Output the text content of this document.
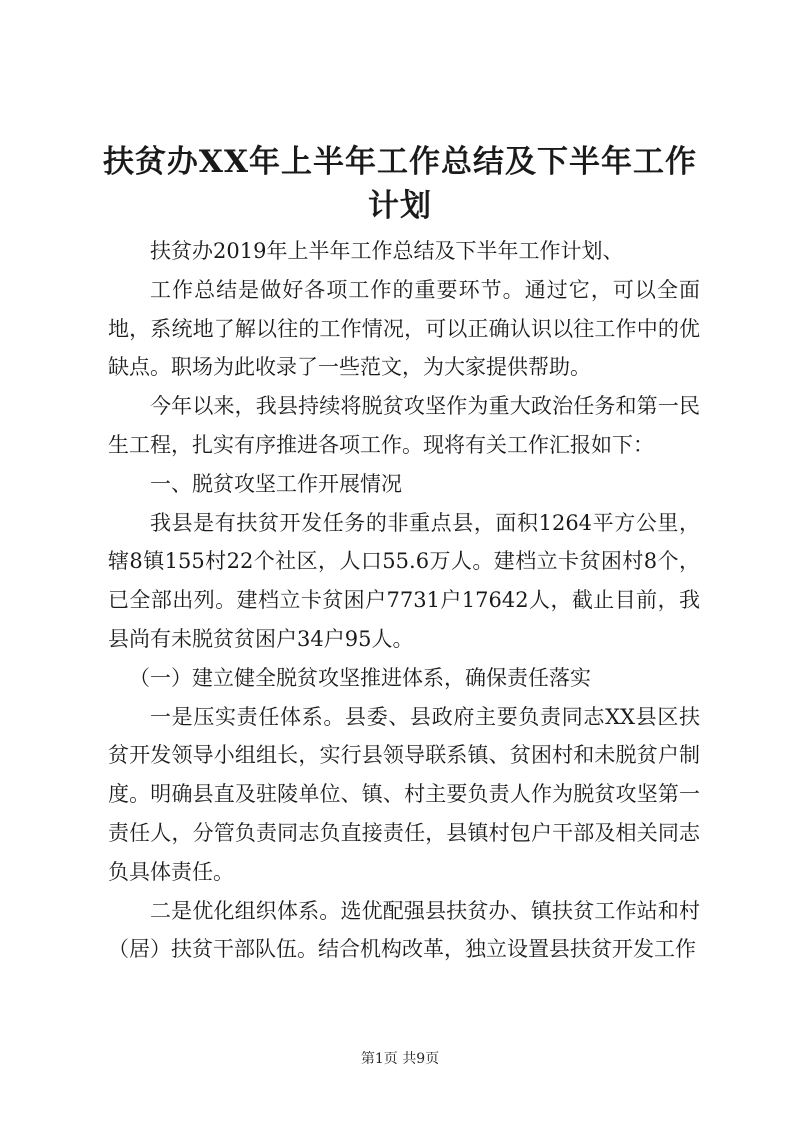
扶贫办XX年上半年工作总结及下半年工作计划

扶贫办2019年上半年工作总结及下半年工作计划、

工作总结是做好各项工作的重要环节。通过它，可以全面地，系统地了解以往的工作情况，可以正确认识以往工作中的优缺点。职场为此收录了一些范文，为大家提供帮助。

今年以来，我县持续将脱贫攻坚作为重大政治任务和第一民生工程，扎实有序推进各项工作。现将有关工作汇报如下：

一、脱贫攻坚工作开展情况

我县是有扶贫开发任务的非重点县，面积1264平方公里，辖8镇155村22个社区，人口55.6万人。建档立卡贫困村8个，已全部出列。建档立卡贫困户7731户17642人，截止目前，我县尚有未脱贫贫困户34户95人。

（一）建立健全脱贫攻坚推进体系，确保责任落实

一是压实责任体系。县委、县政府主要负责同志XX县区扶贫开发领导小组组长，实行县领导联系镇、贫困村和未脱贫户制度。明确县直及驻陵单位、镇、村主要负责人作为脱贫攻坚第一责任人，分管负责同志负直接责任，县镇村包户干部及相关同志负具体责任。

二是优化组织体系。选优配强县扶贫办、镇扶贫工作站和村（居）扶贫干部队伍。结合机构改革，独立设置县扶贫开发工作

第1页 共9页
